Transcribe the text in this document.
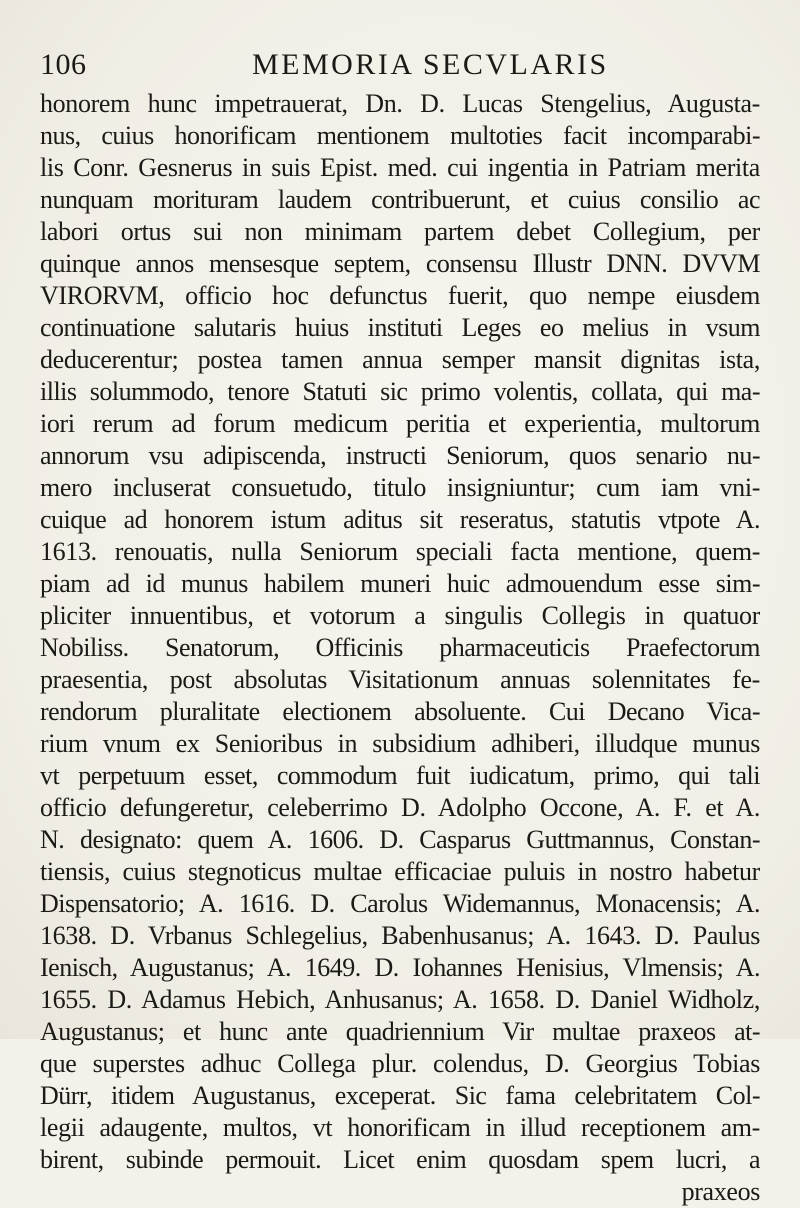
106	MEMORIA SECVLARIS
honorem hunc impetrauerat, Dn. D. Lucas Stengelius, Augusta-
nus, cuius honorificam mentionem multoties facit incomparabi-
lis Conr. Gesnerus in suis Epist. med. cui ingentia in Patriam merita
nunquam morituram laudem contribuerunt, et cuius consilio ac
labori ortus sui non minimam partem debet Collegium, per
quinque annos mensesque septem, consensu Illustr DNN. DVVM
VIRORVM, officio hoc defunctus fuerit, quo nempe eiusdem
continuatione salutaris huius instituti Leges eo melius in vsum
deducerentur; postea tamen annua semper mansit dignitas ista,
illis solummodo, tenore Statuti sic primo volentis, collata, qui ma-
iori rerum ad forum medicum peritia et experientia, multorum
annorum vsu adipiscenda, instructi Seniorum, quos senario nu-
mero incluserat consuetudo, titulo insigniuntur; cum iam vni-
cuique ad honorem istum aditus sit reseratus, statutis vtpote A.
1613. renouatis, nulla Seniorum speciali facta mentione, quem-
piam ad id munus habilem muneri huic admouendum esse sim-
pliciter innuentibus, et votorum a singulis Collegis in quatuor
Nobiliss. Senatorum, Officinis pharmaceuticis Praefectorum
praesentia, post absolutas Visitationum annuas solennitates fe-
rendorum pluralitate electionem absoluente. Cui Decano Vica-
rium vnum ex Senioribus in subsidium adhiberi, illudque munus
vt perpetuum esset, commodum fuit iudicatum, primo, qui tali
officio defungeretur, celeberrimo D. Adolpho Occone, A. F. et A.
N. designato: quem A. 1606. D. Casparus Guttmannus, Constan-
tiensis, cuius stegnoticus multae efficaciae puluis in nostro habetur
Dispensatorio; A. 1616. D. Carolus Widemannus, Monacensis; A.
1638. D. Vrbanus Schlegelius, Babenhusanus; A. 1643. D. Paulus
Ienisch, Augustanus; A. 1649. D. Iohannes Henisius, Vlmensis; A.
1655. D. Adamus Hebich, Anhusanus; A. 1658. D. Daniel Widholz,
Augustanus; et hunc ante quadriennium Vir multae praxeos at-
que superstes adhuc Collega plur. colendus, D. Georgius Tobias
Dürr, itidem Augustanus, exceperat. Sic fama celebritatem Col-
legii adaugente, multos, vt honorificam in illud receptionem am-
birent, subinde permouit. Licet enim quosdam spem lucri, a
praxeos
